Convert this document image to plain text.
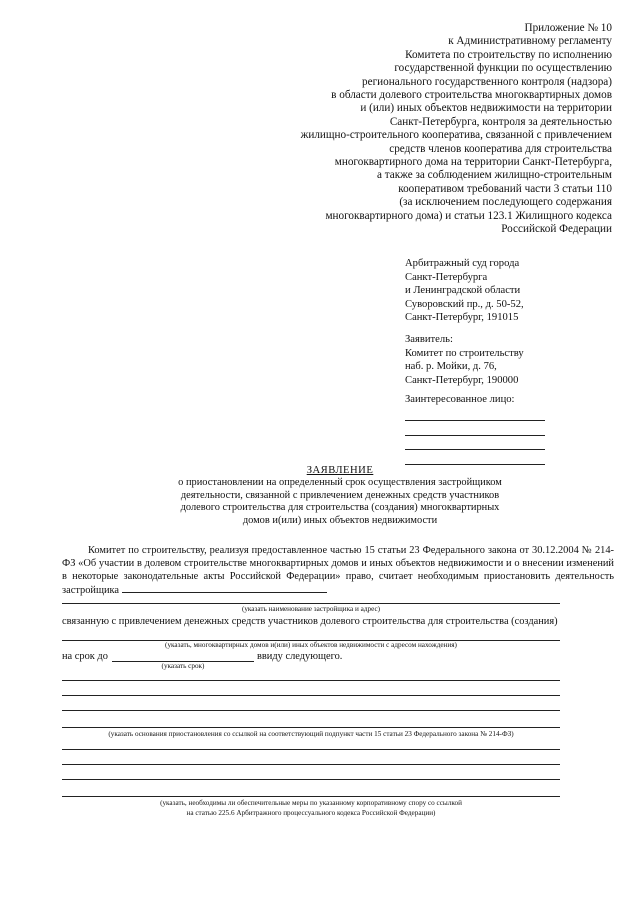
Приложение № 10
к Административному регламенту
Комитета по строительству по исполнению
государственной функции по осуществлению
регионального государственного контроля (надзора)
в области долевого строительства многоквартирных домов
и (или) иных объектов недвижимости на территории
Санкт-Петербурга, контроля за деятельностью
жилищно-строительного кооператива, связанной с привлечением
средств членов кооператива для строительства
многоквартирного дома на территории Санкт-Петербурга,
а также за соблюдением жилищно-строительным
кооперативом требований части 3 статьи 110
(за исключением последующего содержания
многоквартирного дома) и статьи 123.1 Жилищного кодекса
Российской Федерации
Арбитражный суд города
Санкт-Петербурга
и Ленинградской области
Суворовский пр., д. 50-52,
Санкт-Петербург, 191015
Заявитель:
Комитет по строительству
наб. р. Мойки, д. 76,
Санкт-Петербург, 190000
Заинтересованное лицо:
ЗАЯВЛЕНИЕ
о приостановлении на определенный срок осуществления застройщиком
деятельности, связанной с привлечением денежных средств участников
долевого строительства для строительства (создания) многоквартирных
домов и(или) иных объектов недвижимости

Комитет по строительству, реализуя предоставленное частью 15 статьи 23 Федерального закона от 30.12.2004 № 214-ФЗ «Об участии в долевом строительстве многоквартирных домов и иных объектов недвижимости и о внесении изменений в некоторые законодательные акты Российской Федерации» право, считает необходимым приостановить деятельность застройщика

(указать наименование застройщика и адрес)
связанную с привлечением денежных средств участников долевого строительства для строительства (создания)
(указать, многоквартирных домов и(или) иных объектов недвижимости с адресом нахождения)
на срок до	ввиду следующего.
(указать срок)
(указать основания приостановления со ссылкой на соответствующий подпункт части 15 статьи 23 Федерального закона № 214-ФЗ)
(указать, необходимы ли обеспечительные меры по указанному корпоративному спору со ссылкой
на статью 225.6 Арбитражного процессуального кодекса Российской Федерации)
